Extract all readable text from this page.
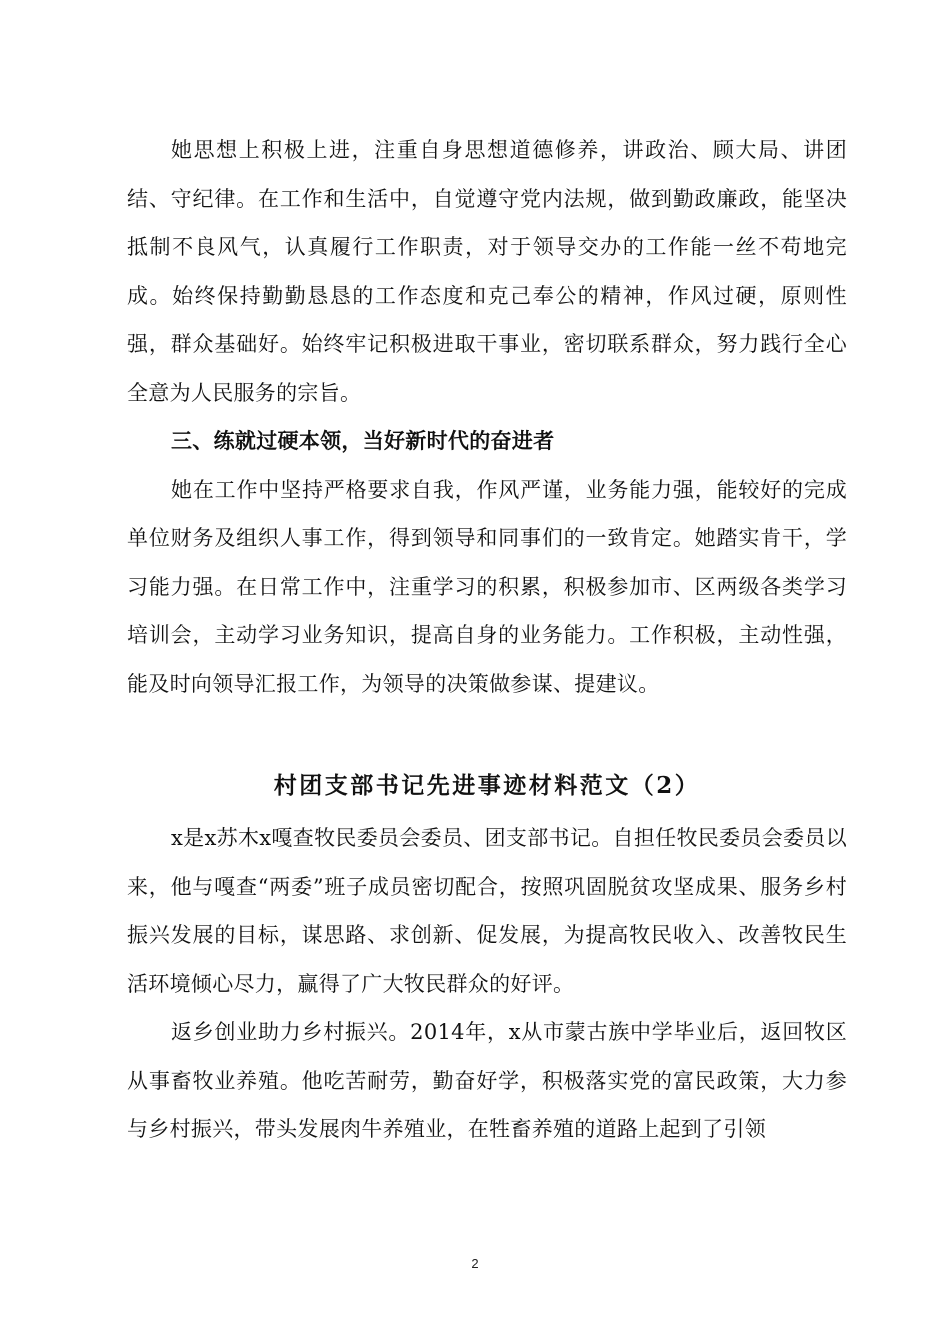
她思想上积极上进，注重自身思想道德修养，讲政治、顾大局、讲团结、守纪律。在工作和生活中，自觉遵守党内法规，做到勤政廉政，能坚决抵制不良风气，认真履行工作职责，对于领导交办的工作能一丝不苟地完成。始终保持勤勤恳恳的工作态度和克己奉公的精神，作风过硬，原则性强，群众基础好。始终牢记积极进取干事业，密切联系群众，努力践行全心全意为人民服务的宗旨。

三、练就过硬本领，当好新时代的奋进者

她在工作中坚持严格要求自我，作风严谨，业务能力强，能较好的完成单位财务及组织人事工作，得到领导和同事们的一致肯定。她踏实肯干，学习能力强。在日常工作中，注重学习的积累，积极参加市、区两级各类学习培训会，主动学习业务知识，提高自身的业务能力。工作积极，主动性强，能及时向领导汇报工作，为领导的决策做参谋、提建议。

村团支部书记先进事迹材料范文（2）

x是x苏木x嘎查牧民委员会委员、团支部书记。自担任牧民委员会委员以来，他与嘎查“两委”班子成员密切配合，按照巩固脱贫攻坚成果、服务乡村振兴发展的目标，谋思路、求创新、促发展，为提高牧民收入、改善牧民生活环境倾心尽力，赢得了广大牧民群众的好评。

返乡创业助力乡村振兴。2014年，x从市蒙古族中学毕业后，返回牧区从事畜牧业养殖。他吃苦耐劳，勤奋好学，积极落实党的富民政策，大力参与乡村振兴，带头发展肉牛养殖业，在牲畜养殖的道路上起到了引领

2
